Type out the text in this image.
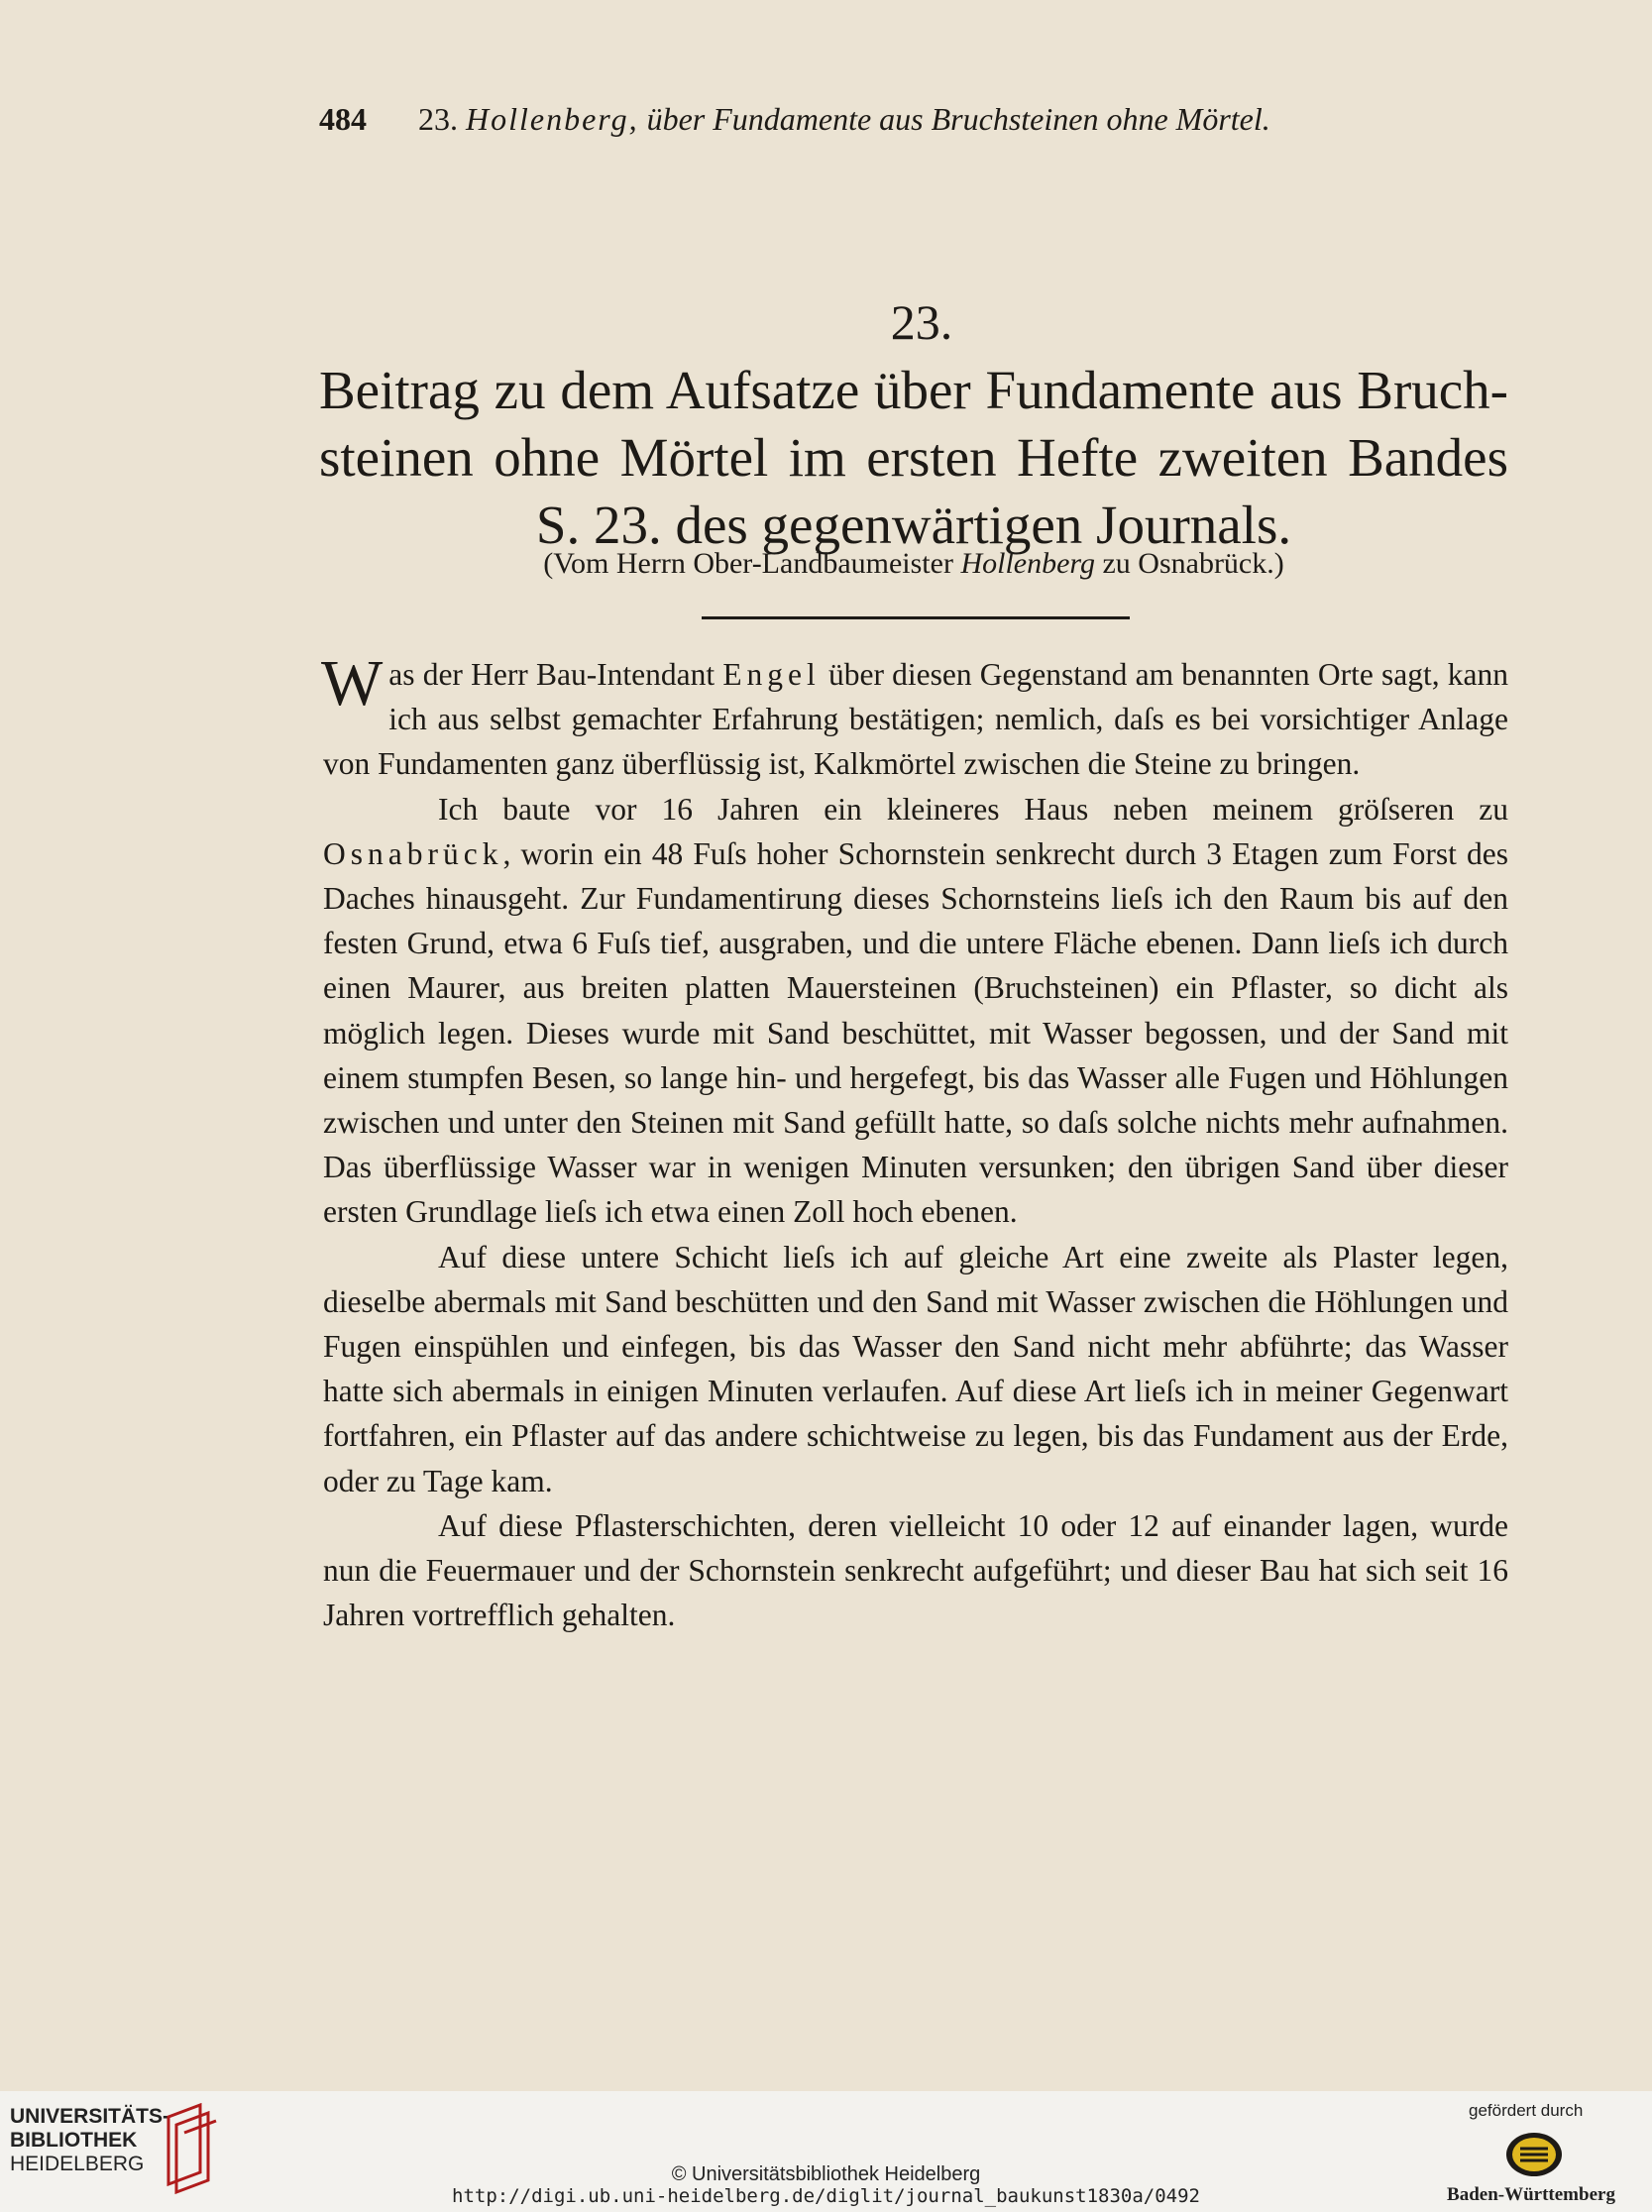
484 23. Hollenberg, über Fundamente aus Bruchsteinen ohne Mörtel.
23.
Beitrag zu dem Aufsatze über Fundamente aus Bruch-
steinen ohne Mörtel im ersten Hefte zweiten Bandes
S. 23. des gegenwärtigen Journals.
(Vom Herrn Ober-Landbaumeister Hollenberg zu Osnabrück.)

Was der Herr Bau-Intendant Engel über diesen Gegenstand am benannten Orte sagt, kann ich aus selbst gemachter Erfahrung bestätigen; nemlich, daſs es bei vorsichtiger Anlage von Fundamenten ganz überflüssig ist, Kalkmörtel zwischen die Steine zu bringen.

Ich baute vor 16 Jahren ein kleineres Haus neben meinem gröſseren zu Osnabrück, worin ein 48 Fuſs hoher Schornstein senkrecht durch 3 Etagen zum Forst des Daches hinausgeht. Zur Fundamentirung dieses Schornsteins lieſs ich den Raum bis auf den festen Grund, etwa 6 Fuſs tief, ausgraben, und die untere Fläche ebenen. Dann lieſs ich durch einen Maurer, aus breiten platten Mauersteinen (Bruchsteinen) ein Pflaster, so dicht als möglich legen. Dieses wurde mit Sand beschüttet, mit Wasser begossen, und der Sand mit einem stumpfen Besen, so lange hin- und hergefegt, bis das Wasser alle Fugen und Höhlungen zwischen und unter den Steinen mit Sand gefüllt hatte, so daſs solche nichts mehr aufnahmen. Das überflüssige Wasser war in wenigen Minuten versunken; den übrigen Sand über dieser ersten Grundlage lieſs ich etwa einen Zoll hoch ebenen.

Auf diese untere Schicht lieſs ich auf gleiche Art eine zweite als Plaster legen, dieselbe abermals mit Sand beschütten und den Sand mit Wasser zwischen die Höhlungen und Fugen einspühlen und einfegen, bis das Wasser den Sand nicht mehr abführte; das Wasser hatte sich abermals in einigen Minuten verlaufen. Auf diese Art lieſs ich in meiner Gegenwart fortfahren, ein Pflaster auf das andere schichtweise zu legen, bis das Fundament aus der Erde, oder zu Tage kam.

Auf diese Pflasterschichten, deren vielleicht 10 oder 12 auf einander lagen, wurde nun die Feuermauer und der Schornstein senkrecht aufgeführt; und dieser Bau hat sich seit 16 Jahren vortrefflich gehalten.

UNIVERSITÄTS-
BIBLIOTHEK
HEIDELBERG	© Universitätsbibliothek Heidelberg
http://digi.ub.uni-heidelberg.de/diglit/journal_baukunst1830a/0492
gefördert durch
Baden-Württemberg
